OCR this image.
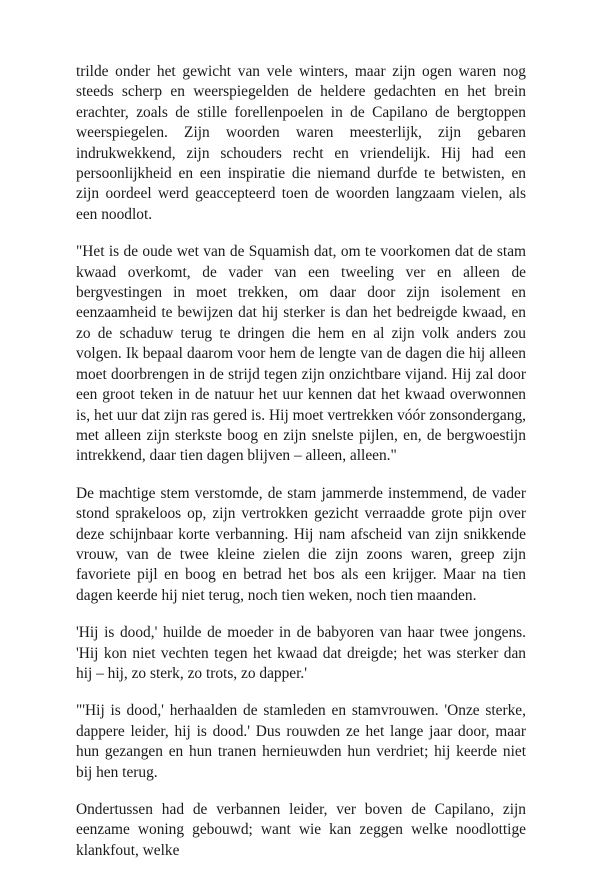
trilde onder het gewicht van vele winters, maar zijn ogen waren nog steeds scherp en weerspiegelden de heldere gedachten en het brein erachter, zoals de stille forellenpoelen in de Capilano de bergtoppen weerspiegelen. Zijn woorden waren meesterlijk, zijn gebaren indrukwekkend, zijn schouders recht en vriendelijk. Hij had een persoonlijkheid en een inspiratie die niemand durfde te betwisten, en zijn oordeel werd geaccepteerd toen de woorden langzaam vielen, als een noodlot.

"Het is de oude wet van de Squamish dat, om te voorkomen dat de stam kwaad overkomt, de vader van een tweeling ver en alleen de bergvestingen in moet trekken, om daar door zijn isolement en eenzaamheid te bewijzen dat hij sterker is dan het bedreigde kwaad, en zo de schaduw terug te dringen die hem en al zijn volk anders zou volgen. Ik bepaal daarom voor hem de lengte van de dagen die hij alleen moet doorbrengen in de strijd tegen zijn onzichtbare vijand. Hij zal door een groot teken in de natuur het uur kennen dat het kwaad overwonnen is, het uur dat zijn ras gered is. Hij moet vertrekken vóór zonsondergang, met alleen zijn sterkste boog en zijn snelste pijlen, en, de bergwoestijn intrekkend, daar tien dagen blijven – alleen, alleen."

De machtige stem verstomde, de stam jammerde instemmend, de vader stond sprakeloos op, zijn vertrokken gezicht verraadde grote pijn over deze schijnbaar korte verbanning. Hij nam afscheid van zijn snikkende vrouw, van de twee kleine zielen die zijn zoons waren, greep zijn favoriete pijl en boog en betrad het bos als een krijger. Maar na tien dagen keerde hij niet terug, noch tien weken, noch tien maanden.

'Hij is dood,' huilde de moeder in de babyoren van haar twee jongens. 'Hij kon niet vechten tegen het kwaad dat dreigde; het was sterker dan hij – hij, zo sterk, zo trots, zo dapper.'

"'Hij is dood,' herhaalden de stamleden en stamvrouwen. 'Onze sterke, dappere leider, hij is dood.' Dus rouwden ze het lange jaar door, maar hun gezangen en hun tranen hernieuwden hun verdriet; hij keerde niet bij hen terug.

Ondertussen had de verbannen leider, ver boven de Capilano, zijn eenzame woning gebouwd; want wie kan zeggen welke noodlottige klankfout, welke
